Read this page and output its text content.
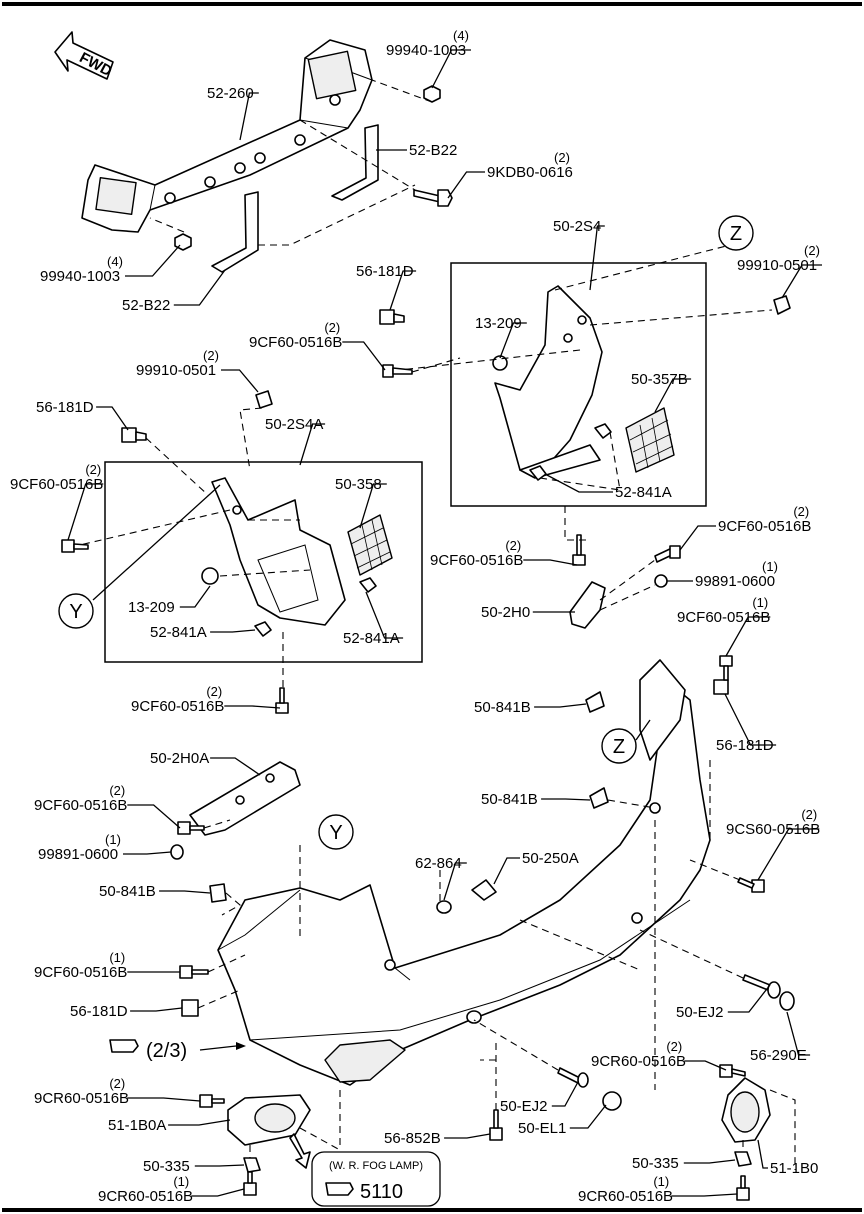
FWD
Z
Y
Z
Y
(2/3)
(W. R. FOG LAMP)
5110
99940-1003
(4)
52-260
52-B22
9KDB0-0616
(2)
99940-1003
(4)
52-B22
50-2S4
99910-0501
(2)
56-181D
13-209
9CF60-0516B
(2)
50-357B
99910-0501
(2)
56-181D
50-2S4A
52-841A
9CF60-0516B
(2)
50-358
9CF60-0516B
(2)
9CF60-0516B
(2)
13-209
99891-0600
(1)
52-841A	52-841A
50-2H0	9CF60-0516B
(1)
9CF60-0516B
(2)
50-841B
56-181D
50-2H0A
50-841B
9CF60-0516B
(2)
9CS60-0516B
(2)
99891-0600
(1)
62-864	50-250A
50-841B
9CF60-0516B
(1)
50-EJ2
56-181D
56-290E
9CR60-0516B
(2)
9CR60-0516B
(2)
50-EJ2
51-1B0A
56-852B
50-EL1
50-335	50-335	51-1B0
9CR60-0516B
(1)
9CR60-0516B
(1)
